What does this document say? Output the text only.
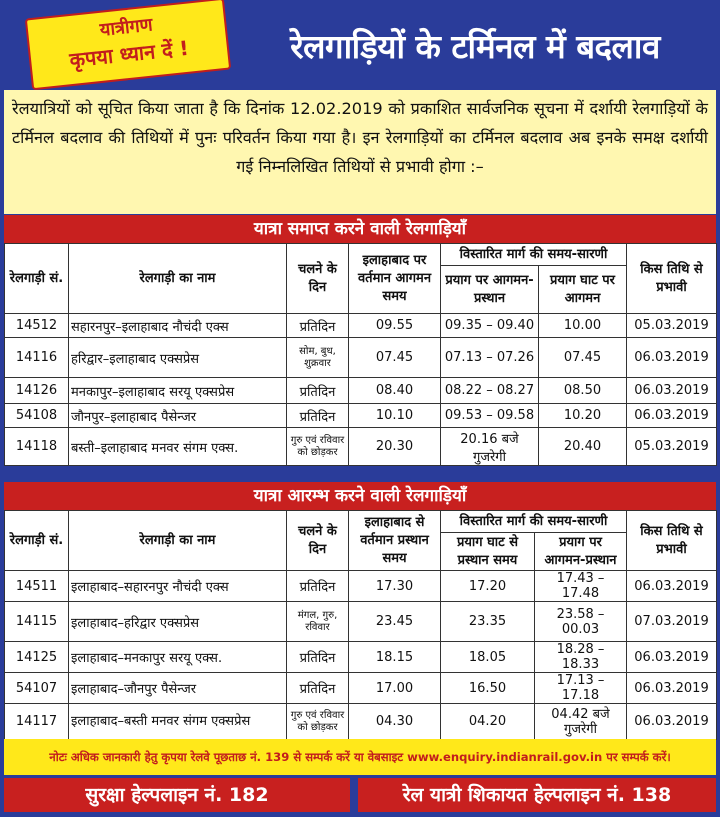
यात्रीगण
कृपया ध्यान दें !	रेलगाड़ियों के टर्मिनल में बदलाव
रेलयात्रियों को सूचित किया जाता है कि दिनांक 12.02.2019 को प्रकाशित सार्वजनिक सूचना में दर्शायी रेलगाड़ियों के टर्मिनल बदलाव की तिथियों में पुनः परिवर्तन किया गया है। इन रेलगाड़ियों का टर्मिनल बदलाव अब इनके समक्ष दर्शायी गई निम्नलिखित तिथियों से प्रभावी होगा :–
यात्रा समाप्त करने वाली रेलगाड़ियाँ
रेलगाड़ी सं.	रेलगाड़ी का नाम	चलने के दिन	इलाहाबाद पर वर्तमान आगमन समय	विस्तारित मार्ग की समय-सारणी		किस तिथि से प्रभावी
				प्रयाग पर आगमन-प्रस्थान	प्रयाग घाट पर आगमन	
14512	सहारनपुर–इलाहाबाद नौचंदी एक्स	प्रतिदिन	09.55	09.35 – 09.40	10.00	05.03.2019
14116	हरिद्वार–इलाहाबाद एक्सप्रेस	सोम, बुध, शुक्रवार	07.45	07.13 – 07.26	07.45	06.03.2019
14126	मनकापुर–इलाहाबाद सरयू एक्सप्रेस	प्रतिदिन	08.40	08.22 – 08.27	08.50	06.03.2019
54108	जौनपुर–इलाहाबाद पैसेन्जर	प्रतिदिन	10.10	09.53 – 09.58	10.20	06.03.2019
14118	बस्ती–इलाहाबाद मनवर संगम एक्स.	गुरु एवं रविवार को छोड़कर	20.30	20.16 बजे गुजरेगी	20.40	05.03.2019
यात्रा आरम्भ करने वाली रेलगाड़ियाँ
रेलगाड़ी सं.	रेलगाड़ी का नाम	चलने के दिन	इलाहाबाद से वर्तमान प्रस्थान समय	विस्तारित मार्ग की समय-सारणी		किस तिथि से प्रभावी
				प्रयाग घाट से प्रस्थान समय	प्रयाग पर आगमन-प्रस्थान	
14511	इलाहाबाद–सहारनपुर नौचंदी एक्स	प्रतिदिन	17.30	17.20	17.43 – 17.48	06.03.2019
14115	इलाहाबाद–हरिद्वार एक्सप्रेस	मंगल, गुरु, रविवार	23.45	23.35	23.58 – 00.03	07.03.2019
14125	इलाहाबाद–मनकापुर सरयू एक्स.	प्रतिदिन	18.15	18.05	18.28 – 18.33	06.03.2019
54107	इलाहाबाद–जौनपुर पैसेन्जर	प्रतिदिन	17.00	16.50	17.13 – 17.18	06.03.2019
14117	इलाहाबाद–बस्ती मनवर संगम एक्सप्रेस	गुरु एवं रविवार को छोड़कर	04.30	04.20	04.42 बजे गुजरेगी	06.03.2019
नोटः अधिक जानकारी हेतु कृपया रेलवे पूछताछ नं. 139 से सम्पर्क करें या वेबसाइट www.enquiry.indianrail.gov.in पर सम्पर्क करें।
सुरक्षा हेल्पलाइन नं. 182	रेल यात्री शिकायत हेल्पलाइन नं. 138
